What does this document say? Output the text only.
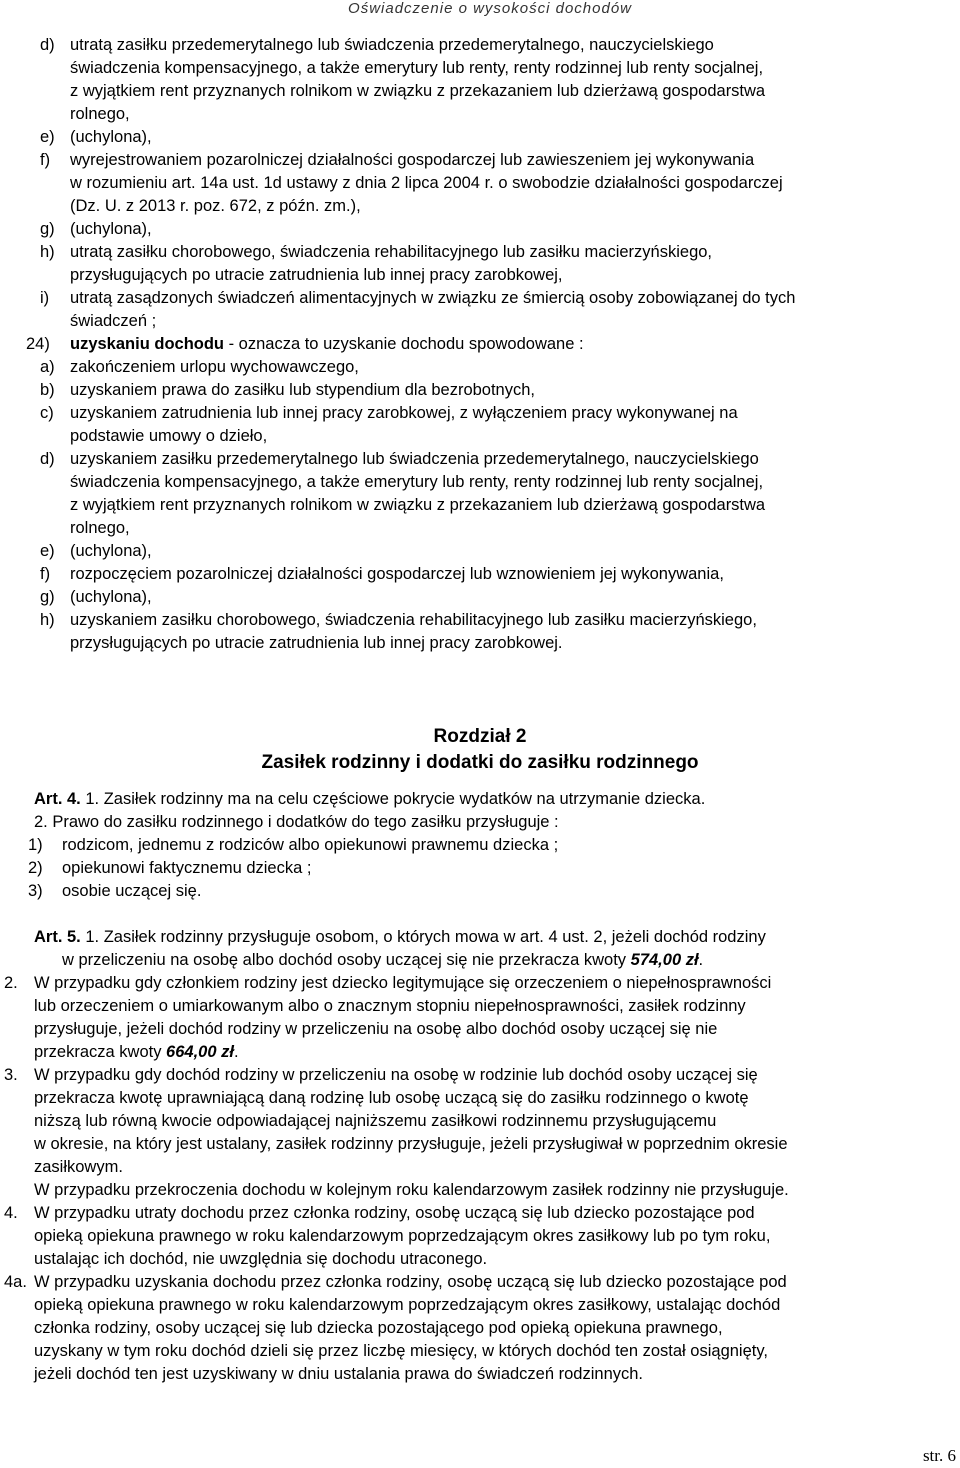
Oświadczenie o wysokości dochodów
d) utratą zasiłku przedemerytalnego lub świadczenia przedemerytalnego, nauczycielskiego
świadczenia kompensacyjnego, a także emerytury lub renty, renty rodzinnej lub renty socjalnej,
z wyjątkiem rent przyznanych rolnikom w związku z przekazaniem lub dzierżawą gospodarstwa
rolnego,
e) (uchylona),
f) wyrejestrowaniem pozarolniczej działalności gospodarczej lub zawieszeniem jej wykonywania
w rozumieniu art. 14a ust. 1d ustawy z dnia 2 lipca 2004 r. o swobodzie działalności gospodarczej
(Dz. U. z 2013 r. poz. 672, z późn. zm.),
g) (uchylona),
h) utratą zasiłku chorobowego, świadczenia rehabilitacyjnego lub zasiłku macierzyńskiego,
przysługujących po utracie zatrudnienia lub innej pracy zarobkowej,
i) utratą zasądzonych świadczeń alimentacyjnych w związku ze śmiercią osoby zobowiązanej do tych
świadczeń ;
24) uzyskaniu dochodu - oznacza to uzyskanie dochodu spowodowane :
a) zakończeniem urlopu wychowawczego,
b) uzyskaniem prawa do zasiłku lub stypendium dla bezrobotnych,
c) uzyskaniem zatrudnienia lub innej pracy zarobkowej, z wyłączeniem pracy wykonywanej na
podstawie umowy o dzieło,
d) uzyskaniem zasiłku przedemerytalnego lub świadczenia przedemerytalnego, nauczycielskiego
świadczenia kompensacyjnego, a także emerytury lub renty, renty rodzinnej lub renty socjalnej,
z wyjątkiem rent przyznanych rolnikom w związku z przekazaniem lub dzierżawą gospodarstwa
rolnego,
e) (uchylona),
f) rozpoczęciem pozarolniczej działalności gospodarczej lub wznowieniem jej wykonywania,
g) (uchylona),
h) uzyskaniem zasiłku chorobowego, świadczenia rehabilitacyjnego lub zasiłku macierzyńskiego,
przysługujących po utracie zatrudnienia lub innej pracy zarobkowej.
Rozdział 2
Zasiłek rodzinny i dodatki do zasiłku rodzinnego
Art. 4. 1. Zasiłek rodzinny ma na celu częściowe pokrycie wydatków na utrzymanie dziecka.
2. Prawo do zasiłku rodzinnego i dodatków do tego zasiłku przysługuje :
1) rodzicom, jednemu z rodziców albo opiekunowi prawnemu dziecka ;
2) opiekunowi faktycznemu dziecka ;
3) osobie uczącej się.
Art. 5. 1. Zasiłek rodzinny przysługuje osobom, o których mowa w art. 4 ust. 2, jeżeli dochód rodziny
w przeliczeniu na osobę albo dochód osoby uczącej się nie przekracza kwoty 574,00 zł.
2. W przypadku gdy członkiem rodziny jest dziecko legitymujące się orzeczeniem o niepełnosprawności
lub orzeczeniem o umiarkowanym albo o znacznym stopniu niepełnosprawności, zasiłek rodzinny
przysługuje, jeżeli dochód rodziny w przeliczeniu na osobę albo dochód osoby uczącej się nie
przekracza kwoty 664,00 zł.
3. W przypadku gdy dochód rodziny w przeliczeniu na osobę w rodzinie lub dochód osoby uczącej się
przekracza kwotę uprawniającą daną rodzinę lub osobę uczącą się do zasiłku rodzinnego o kwotę
niższą lub równą kwocie odpowiadającej najniższemu zasiłkowi rodzinnemu przysługującemu
w okresie, na który jest ustalany, zasiłek rodzinny przysługuje, jeżeli przysługiwał w poprzednim okresie
zasiłkowym.
W przypadku przekroczenia dochodu w kolejnym roku kalendarzowym zasiłek rodzinny nie przysługuje.
4. W przypadku utraty dochodu przez członka rodziny, osobę uczącą się lub dziecko pozostające pod
opieką opiekuna prawnego w roku kalendarzowym poprzedzającym okres zasiłkowy lub po tym roku,
ustalając ich dochód, nie uwzględnia się dochodu utraconego.
4a. W przypadku uzyskania dochodu przez członka rodziny, osobę uczącą się lub dziecko pozostające pod
opieką opiekuna prawnego w roku kalendarzowym poprzedzającym okres zasiłkowy, ustalając dochód
członka rodziny, osoby uczącej się lub dziecka pozostającego pod opieką opiekuna prawnego,
uzyskany w tym roku dochód dzieli się przez liczbę miesięcy, w których dochód ten został osiągnięty,
jeżeli dochód ten jest uzyskiwany w dniu ustalania prawa do świadczeń rodzinnych.
str. 6
